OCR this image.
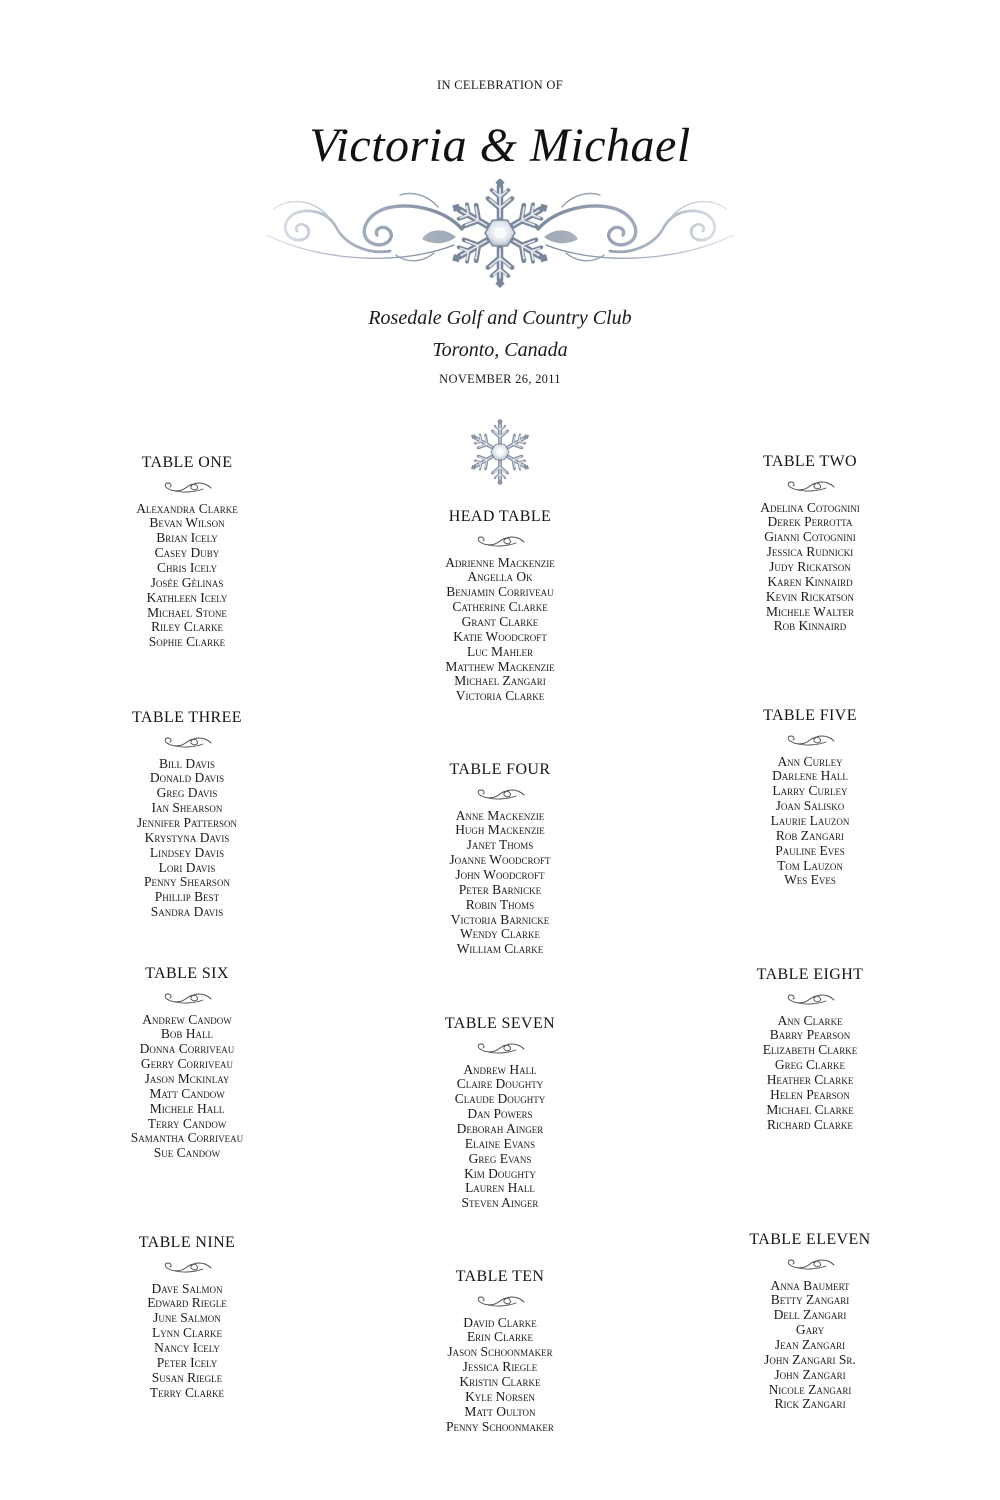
IN CELEBRATION OF
Victoria & Michael
Rosedale Golf and Country Club
Toronto, Canada
NOVEMBER 26, 2011
TABLE ONE
Alexandra Clarke
Bevan Wilson
Brian Icely
Casey Duby
Chris Icely
Josée Gèlinas
Kathleen Icely
Michael Stone
Riley Clarke
Sophie Clarke
HEAD TABLE
Adrienne Mackenzie
Angella Ok
Benjamin Corriveau
Catherine Clarke
Grant Clarke
Katie Woodcroft
Luc Mahler
Matthew Mackenzie
Michael Zangari
Victoria Clarke
TABLE TWO
Adelina Cotognini
Derek Perrotta
Gianni Cotognini
Jessica Rudnicki
Judy Rickatson
Karen Kinnaird
Kevin Rickatson
Michele Walter
Rob Kinnaird
TABLE THREE
Bill Davis
Donald Davis
Greg Davis
Ian Shearson
Jennifer Patterson
Krystyna Davis
Lindsey Davis
Lori Davis
Penny Shearson
Phillip Best
Sandra Davis
TABLE FOUR
Anne Mackenzie
Hugh Mackenzie
Janet Thoms
Joanne Woodcroft
John Woodcroft
Peter Barnicke
Robin Thoms
Victoria Barnicke
Wendy Clarke
William Clarke
TABLE FIVE
Ann Curley
Darlene Hall
Larry Curley
Joan Salisko
Laurie Lauzon
Rob Zangari
Pauline Eves
Tom Lauzon
Wes Eves
TABLE SIX
Andrew Candow
Bob Hall
Donna Corriveau
Gerry Corriveau
Jason Mckinlay
Matt Candow
Michele Hall
Terry Candow
Samantha Corriveau
Sue Candow
TABLE SEVEN
Andrew Hall
Claire Doughty
Claude Doughty
Dan Powers
Deborah Ainger
Elaine Evans
Greg Evans
Kim Doughty
Lauren Hall
Steven Ainger
TABLE EIGHT
Ann Clarke
Barry Pearson
Elizabeth Clarke
Greg Clarke
Heather Clarke
Helen Pearson
Michael Clarke
Richard Clarke
TABLE NINE
Dave Salmon
Edward Riegle
June Salmon
Lynn Clarke
Nancy Icely
Peter Icely
Susan Riegle
Terry Clarke
TABLE TEN
David Clarke
Erin Clarke
Jason Schoonmaker
Jessica Riegle
Kristin Clarke
Kyle Norsen
Matt Oulton
Penny Schoonmaker
TABLE ELEVEN
Anna Baumert
Betty Zangari
Dell Zangari
Gary
Jean Zangari
John Zangari Sr.
John Zangari
Nicole Zangari
Rick Zangari
